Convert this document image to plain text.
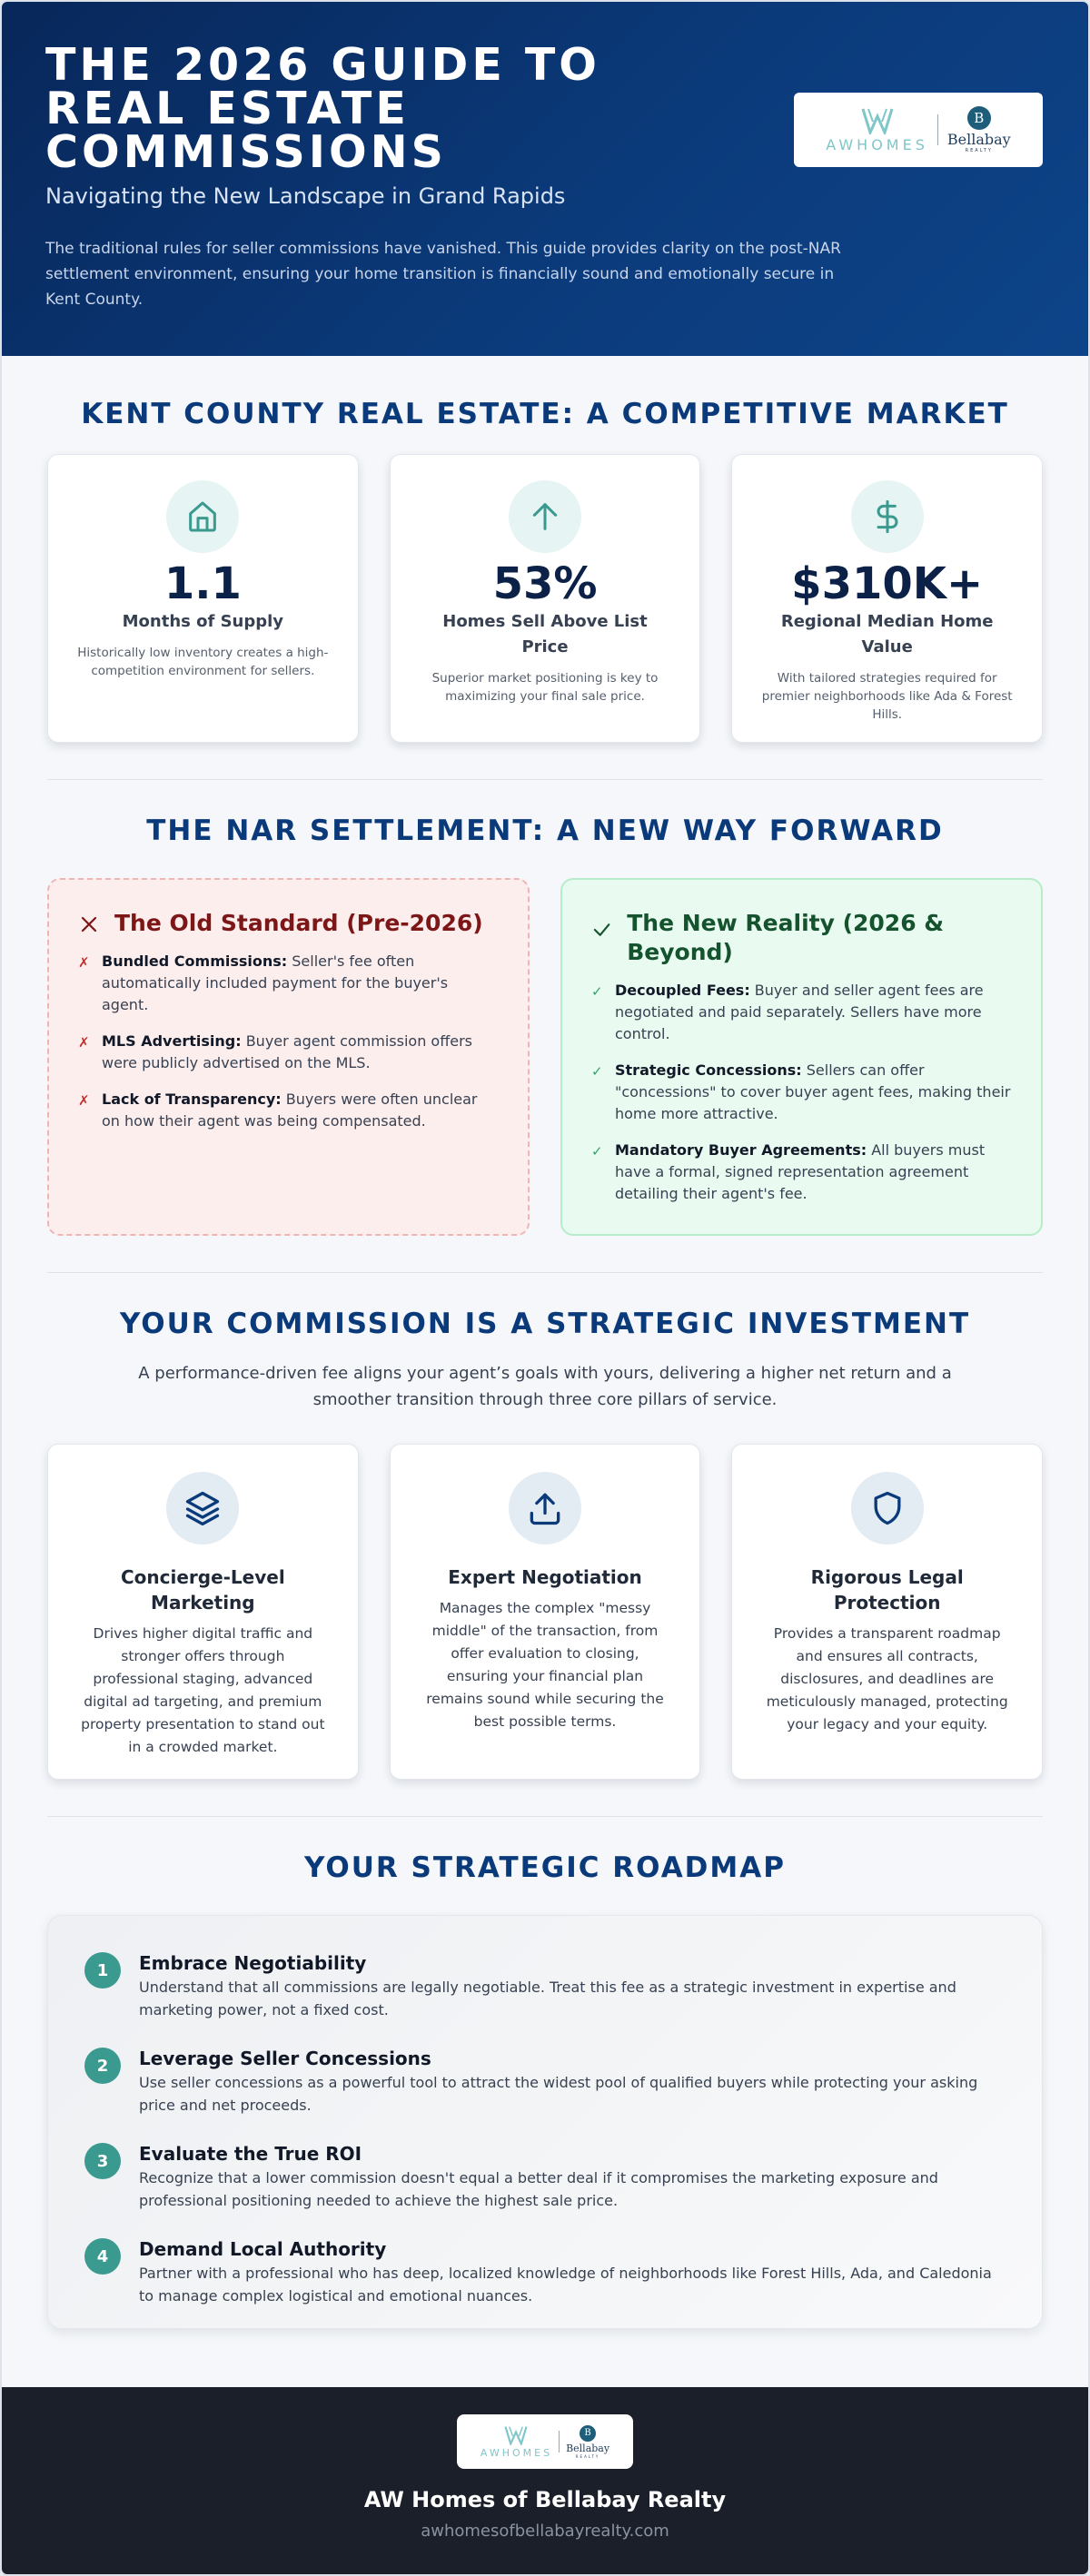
THE 2026 GUIDE TO REAL ESTATE COMMISSIONS
Navigating the New Landscape in Grand Rapids

The traditional rules for seller commissions have vanished. This guide provides clarity on the post-NAR settlement environment, ensuring your home transition is financially sound and emotionally secure in Kent County.

AWHOMES
B
Bellabay
REALTY
KENT COUNTY REAL ESTATE: A COMPETITIVE MARKET
1.1
Months of Supply
Historically low inventory creates a high-competition environment for sellers.
53%
Homes Sell Above List Price
Superior market positioning is key to maximizing your final sale price.
$310K+
Regional Median Home Value
With tailored strategies required for premier neighborhoods like Ada & Forest Hills.
THE NAR SETTLEMENT: A NEW WAY FORWARD
The Old Standard (Pre-2026)
✗ Bundled Commissions: Seller's fee often automatically included payment for the buyer's agent.
✗ MLS Advertising: Buyer agent commission offers were publicly advertised on the MLS.
✗ Lack of Transparency: Buyers were often unclear on how their agent was being compensated.
The New Reality (2026 & Beyond)
✓ Decoupled Fees: Buyer and seller agent fees are negotiated and paid separately. Sellers have more control.
✓ Strategic Concessions: Sellers can offer "concessions" to cover buyer agent fees, making their home more attractive.
✓ Mandatory Buyer Agreements: All buyers must have a formal, signed representation agreement detailing their agent's fee.
YOUR COMMISSION IS A STRATEGIC INVESTMENT

A performance-driven fee aligns your agent’s goals with yours, delivering a higher net return and a smoother transition through three core pillars of service.

Concierge-Level Marketing
Drives higher digital traffic and stronger offers through professional staging, advanced digital ad targeting, and premium property presentation to stand out in a crowded market.
Expert Negotiation
Manages the complex "messy middle" of the transaction, from offer evaluation to closing, ensuring your financial plan remains sound while securing the best possible terms.
Rigorous Legal Protection
Provides a transparent roadmap and ensures all contracts, disclosures, and deadlines are meticulously managed, protecting your legacy and your equity.
YOUR STRATEGIC ROADMAP
1	Embrace Negotiability
Understand that all commissions are legally negotiable. Treat this fee as a strategic investment in expertise and marketing power, not a fixed cost.
2	Leverage Seller Concessions
Use seller concessions as a powerful tool to attract the widest pool of qualified buyers while protecting your asking price and net proceeds.
3	Evaluate the True ROI
Recognize that a lower commission doesn't equal a better deal if it compromises the marketing exposure and professional positioning needed to achieve the highest sale price.
4	Demand Local Authority
Partner with a professional who has deep, localized knowledge of neighborhoods like Forest Hills, Ada, and Caledonia to manage complex logistical and emotional nuances.
AWHOMES
B
Bellabay
REALTY
AW Homes of Bellabay Realty
awhomesofbellabayrealty.com
